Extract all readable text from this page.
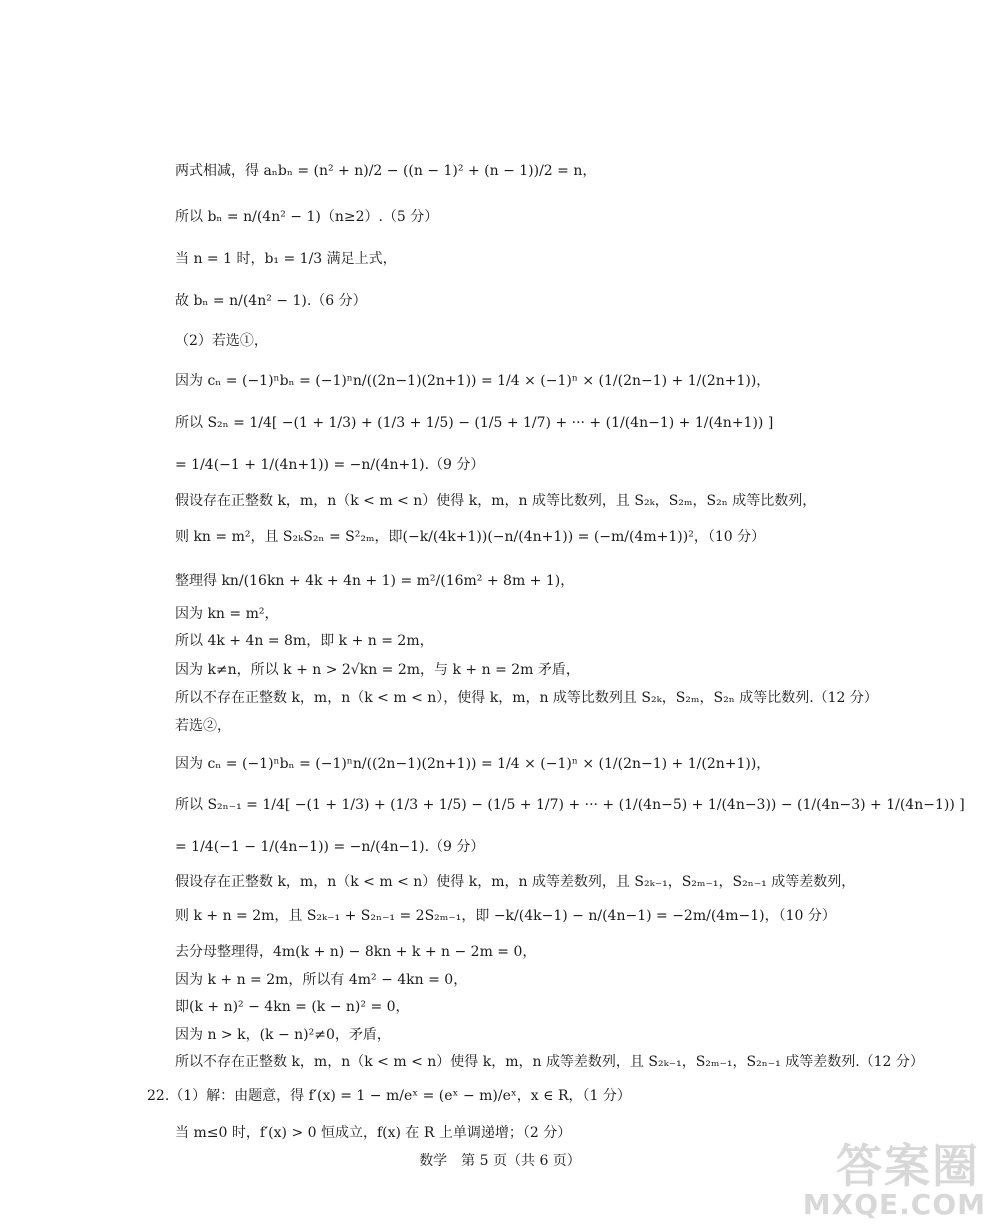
两式相减，得 aₙbₙ = (n² + n)/2 − ((n − 1)² + (n − 1))/2 = n，
所以 bₙ = n/(4n² − 1)（n≥2）.（5 分）
当 n = 1 时，b₁ = 1/3 满足上式，
故 bₙ = n/(4n² − 1).（6 分）
（2）若选①，
因为 cₙ = (−1)ⁿbₙ = (−1)ⁿn/((2n−1)(2n+1)) = 1/4 × (−1)ⁿ × (1/(2n−1) + 1/(2n+1))，
所以 S₂ₙ = 1/4[ −(1 + 1/3) + (1/3 + 1/5) − (1/5 + 1/7) + ··· + (1/(4n−1) + 1/(4n+1)) ]
= 1/4(−1 + 1/(4n+1)) = −n/(4n+1).（9 分）
假设存在正整数 k，m，n（k < m < n）使得 k，m，n 成等比数列，且 S₂ₖ，S₂ₘ，S₂ₙ 成等比数列，
则 kn = m²，且 S₂ₖS₂ₙ = S²₂ₘ，即(−k/(4k+1))(−n/(4n+1)) = (−m/(4m+1))²，（10 分）
整理得 kn/(16kn + 4k + 4n + 1) = m²/(16m² + 8m + 1)，
因为 kn = m²，
所以 4k + 4n = 8m，即 k + n = 2m，
因为 k≠n，所以 k + n > 2√kn = 2m，与 k + n = 2m 矛盾，
所以不存在正整数 k，m，n（k < m < n），使得 k，m，n 成等比数列且 S₂ₖ，S₂ₘ，S₂ₙ 成等比数列.（12 分）
若选②，
因为 cₙ = (−1)ⁿbₙ = (−1)ⁿn/((2n−1)(2n+1)) = 1/4 × (−1)ⁿ × (1/(2n−1) + 1/(2n+1))，
所以 S₂ₙ₋₁ = 1/4[ −(1 + 1/3) + (1/3 + 1/5) − (1/5 + 1/7) + ··· + (1/(4n−5) + 1/(4n−3)) − (1/(4n−3) + 1/(4n−1)) ]
= 1/4(−1 − 1/(4n−1)) = −n/(4n−1).（9 分）
假设存在正整数 k，m，n（k < m < n）使得 k，m，n 成等差数列，且 S₂ₖ₋₁，S₂ₘ₋₁，S₂ₙ₋₁ 成等差数列，
则 k + n = 2m，且 S₂ₖ₋₁ + S₂ₙ₋₁ = 2S₂ₘ₋₁，即 −k/(4k−1) − n/(4n−1) = −2m/(4m−1)，（10 分）
去分母整理得，4m(k + n) − 8kn + k + n − 2m = 0，
因为 k + n = 2m，所以有 4m² − 4kn = 0，
即(k + n)² − 4kn = (k − n)² = 0，
因为 n > k，(k − n)²≠0，矛盾，
所以不存在正整数 k，m，n（k < m < n）使得 k，m，n 成等差数列，且 S₂ₖ₋₁，S₂ₘ₋₁，S₂ₙ₋₁ 成等差数列.（12 分）
22.（1）解：由题意，得 f′(x) = 1 − m/eˣ = (eˣ − m)/eˣ，x ∈ R，（1 分）
当 m≤0 时，f′(x) > 0 恒成立，f(x) 在 R 上单调递增；（2 分）
数学　第 5 页（共 6 页）	答案圈
MXQE.COM
